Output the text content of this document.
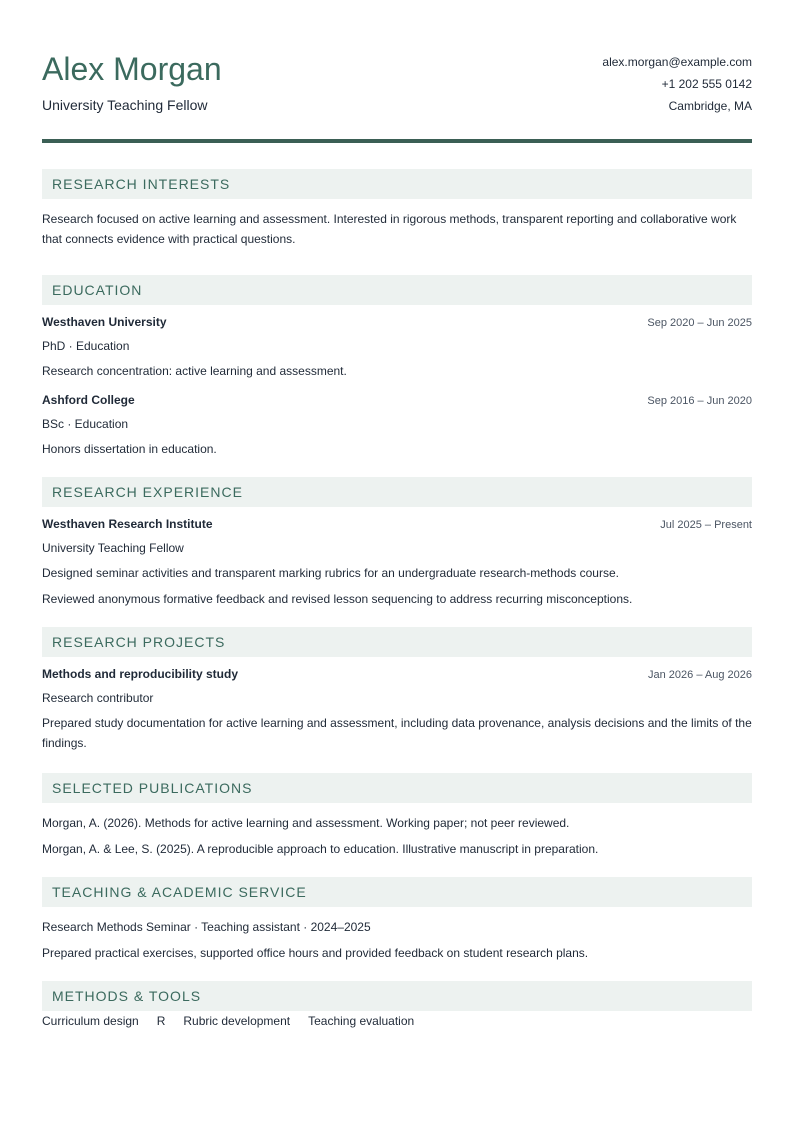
Alex Morgan
University Teaching Fellow
alex.morgan@example.com
+1 202 555 0142
Cambridge, MA
RESEARCH INTERESTS

Research focused on active learning and assessment. Interested in rigorous methods, transparent reporting and collaborative work that connects evidence with practical questions.

EDUCATION
Westhaven University	Sep 2020 – Jun 2025
PhD · Education
Research concentration: active learning and assessment.
Ashford College	Sep 2016 – Jun 2020
BSc · Education
Honors dissertation in education.
RESEARCH EXPERIENCE
Westhaven Research Institute	Jul 2025 – Present
University Teaching Fellow
Designed seminar activities and transparent marking rubrics for an undergraduate research-methods course.
Reviewed anonymous formative feedback and revised lesson sequencing to address recurring misconceptions.
RESEARCH PROJECTS
Methods and reproducibility study	Jan 2026 – Aug 2026
Research contributor
Prepared study documentation for active learning and assessment, including data provenance, analysis decisions and the limits of the findings.
SELECTED PUBLICATIONS
Morgan, A. (2026). Methods for active learning and assessment. Working paper; not peer reviewed.
Morgan, A. & Lee, S. (2025). A reproducible approach to education. Illustrative manuscript in preparation.
TEACHING & ACADEMIC SERVICE
Research Methods Seminar · Teaching assistant · 2024–2025
Prepared practical exercises, supported office hours and provided feedback on student research plans.
METHODS & TOOLS
Curriculum design R Rubric development Teaching evaluation
